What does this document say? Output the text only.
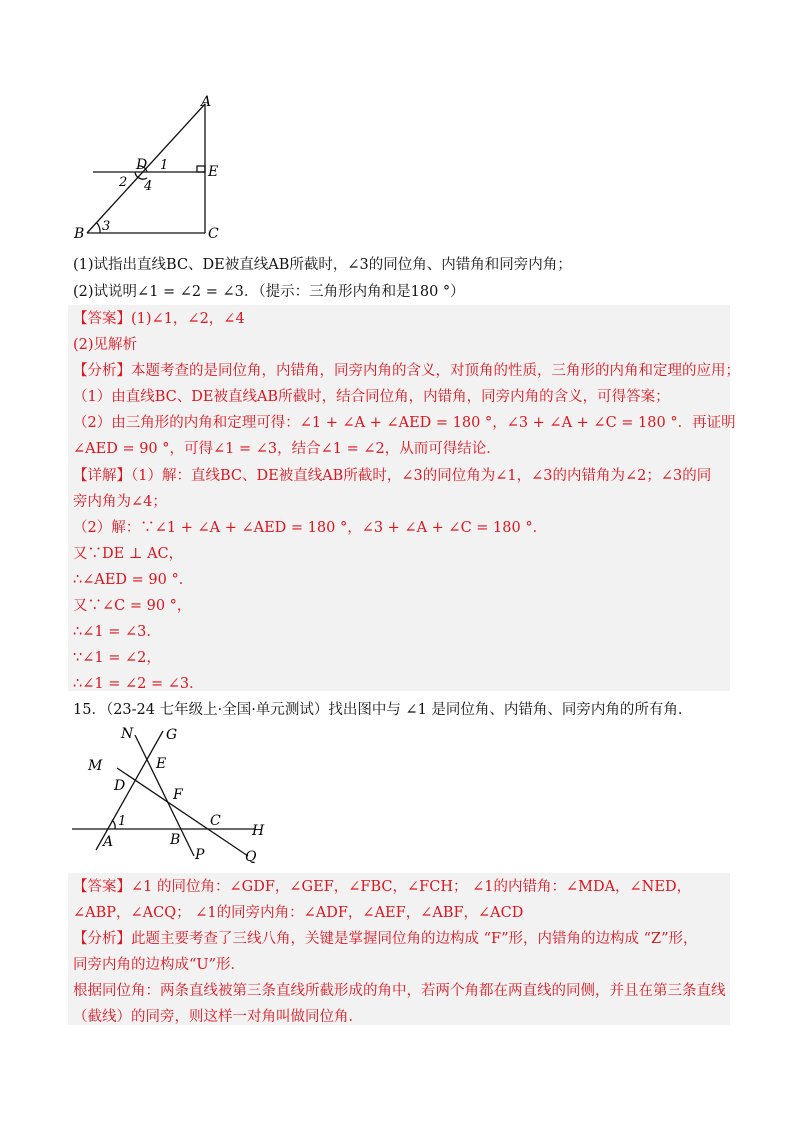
A
D 1	E
2 4
3
B	C
(1)试指出直线BC、DE被直线AB所截时，∠3的同位角、内错角和同旁内角；
(2)试说明∠1 = ∠2 = ∠3．（提示：三角形内角和是180 °）
【答案】(1)∠1，∠2，∠4
(2)见解析
【分析】本题考查的是同位角，内错角，同旁内角的含义，对顶角的性质，三角形的内角和定理的应用；
（1）由直线BC、DE被直线AB所截时，结合同位角，内错角，同旁内角的含义，可得答案；
（2）由三角形的内角和定理可得：∠1 + ∠A + ∠AED = 180 °，∠3 + ∠A + ∠C = 180 °．再证明
∠AED = 90 °，可得∠1 = ∠3，结合∠1 = ∠2，从而可得结论．
【详解】（1）解：直线BC、DE被直线AB所截时，∠3的同位角为∠1，∠3的内错角为∠2；∠3的同
旁内角为∠4；
（2）解：∵∠1 + ∠A + ∠AED = 180 °，∠3 + ∠A + ∠C = 180 °．
又∵DE ⊥ AC，
∴∠AED = 90 °．
又∵∠C = 90 °，
∴∠1 = ∠3．
∵∠1 = ∠2，
∴∠1 = ∠2 = ∠3．
15．（23-24 七年级上·全国·单元测试）找出图中与 ∠1 是同位角、内错角、同旁内角的所有角．
N G
M	E
D
F
C
H
1
A	B
P	Q
【答案】∠1 的同位角：∠GDF，∠GEF，∠FBC，∠FCH； ∠1的内错角：∠MDA，∠NED，
∠ABP，∠ACQ； ∠1的同旁内角：∠ADF，∠AEF，∠ABF，∠ACD
【分析】此题主要考查了三线八角，关键是掌握同位角的边构成 “F”形，内错角的边构成 “Z”形，
同旁内角的边构成“U”形．
根据同位角：两条直线被第三条直线所截形成的角中，若两个角都在两直线的同侧，并且在第三条直线
（截线）的同旁，则这样一对角叫做同位角．
